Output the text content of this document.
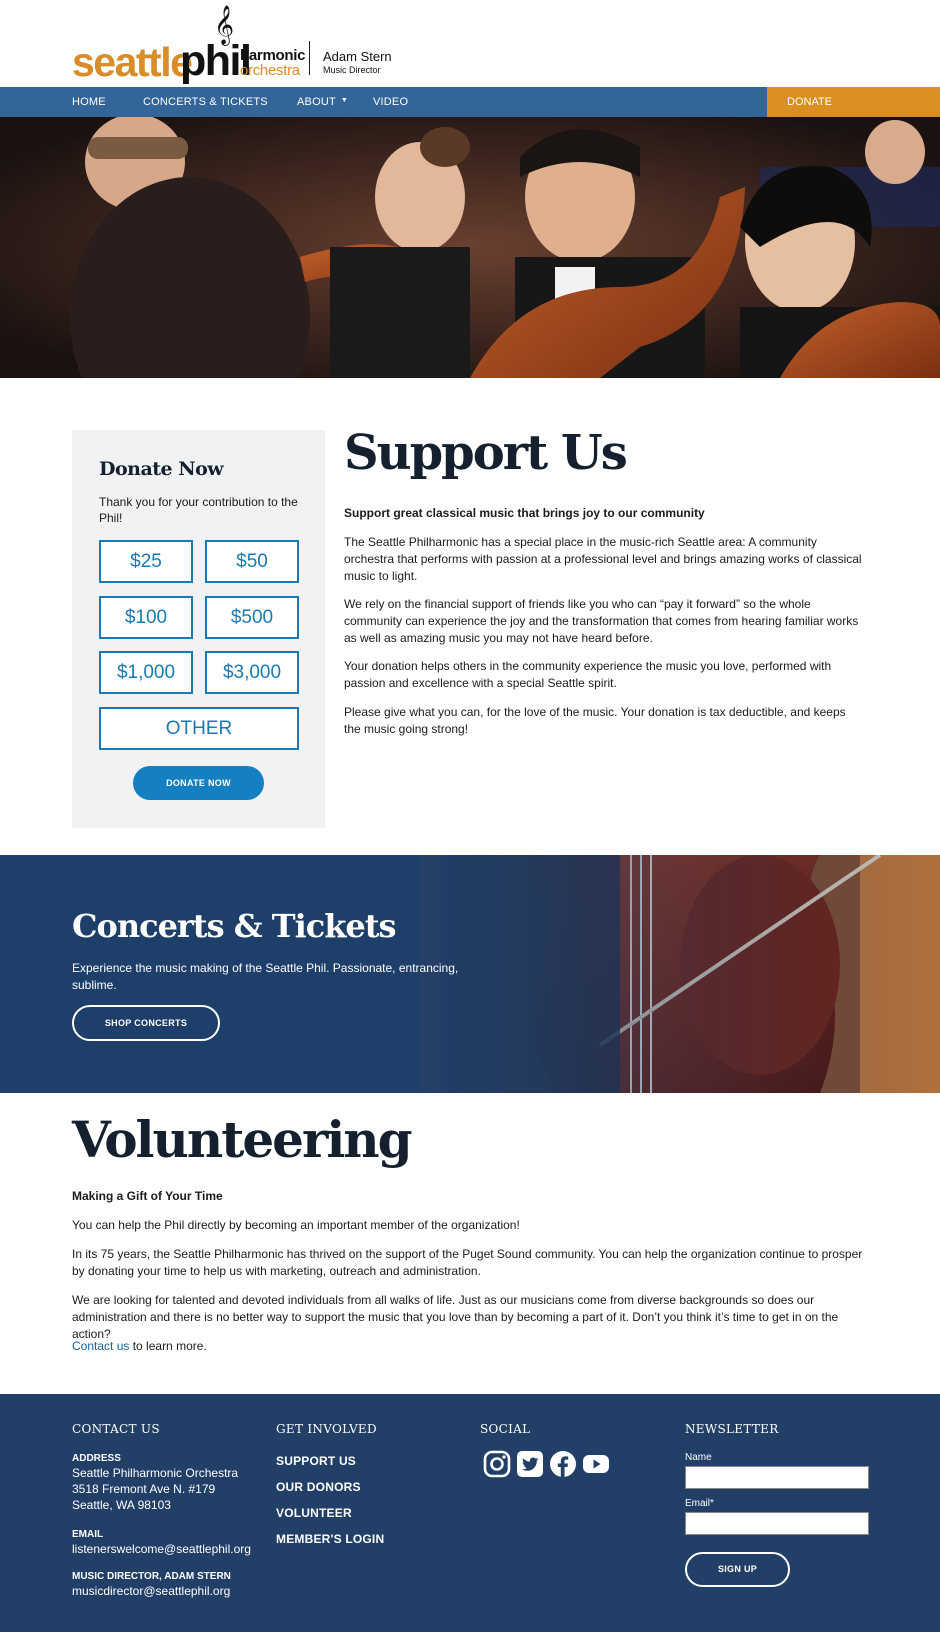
seattle
phil
𝄞
harmonic
orchestra
Adam Stern
Music Director
HOME	CONCERTS & TICKETS	ABOUT ▼ VIDEO	DONATE
Donate Now
Thank you for your contribution to the Phil!
$25	$50
$100	$500
$1,000	$3,000
OTHER
DONATE NOW
Support Us
Support great classical music that brings joy to our community
The Seattle Philharmonic has a special place in the music-rich Seattle area: A community orchestra that performs with passion at a professional level and brings amazing works of classical music to light.
We rely on the financial support of friends like you who can “pay it forward” so the whole community can experience the joy and the transformation that comes from hearing familiar works as well as amazing music you may not have heard before.
Your donation helps others in the community experience the music you love, performed with passion and excellence with a special Seattle spirit.
Please give what you can, for the love of the music. Your donation is tax deductible, and keeps the music going strong!
Concerts & Tickets
Experience the music making of the Seattle Phil. Passionate, entrancing, sublime.
SHOP CONCERTS
Volunteering
Making a Gift of Your Time
You can help the Phil directly by becoming an important member of the organization!
In its 75 years, the Seattle Philharmonic has thrived on the support of the Puget Sound community. You can help the organization continue to prosper by donating your time to help us with marketing, outreach and administration.
We are looking for talented and devoted individuals from all walks of life. Just as our musicians come from diverse backgrounds so does our administration and there is no better way to support the music that you love than by becoming a part of it. Don’t you think it’s time to get in on the action?
Contact us to learn more.
CONTACT US
ADDRESS
Seattle Philharmonic Orchestra
3518 Fremont Ave N. #179
Seattle, WA 98103
EMAIL
listenerswelcome@seattlephil.org
MUSIC DIRECTOR, ADAM STERN
musicdirector@seattlephil.org
GET INVOLVED
SUPPORT US
OUR DONORS
VOLUNTEER
MEMBER'S LOGIN
SOCIAL	NEWSLETTER
Name
Email*
SIGN UP
